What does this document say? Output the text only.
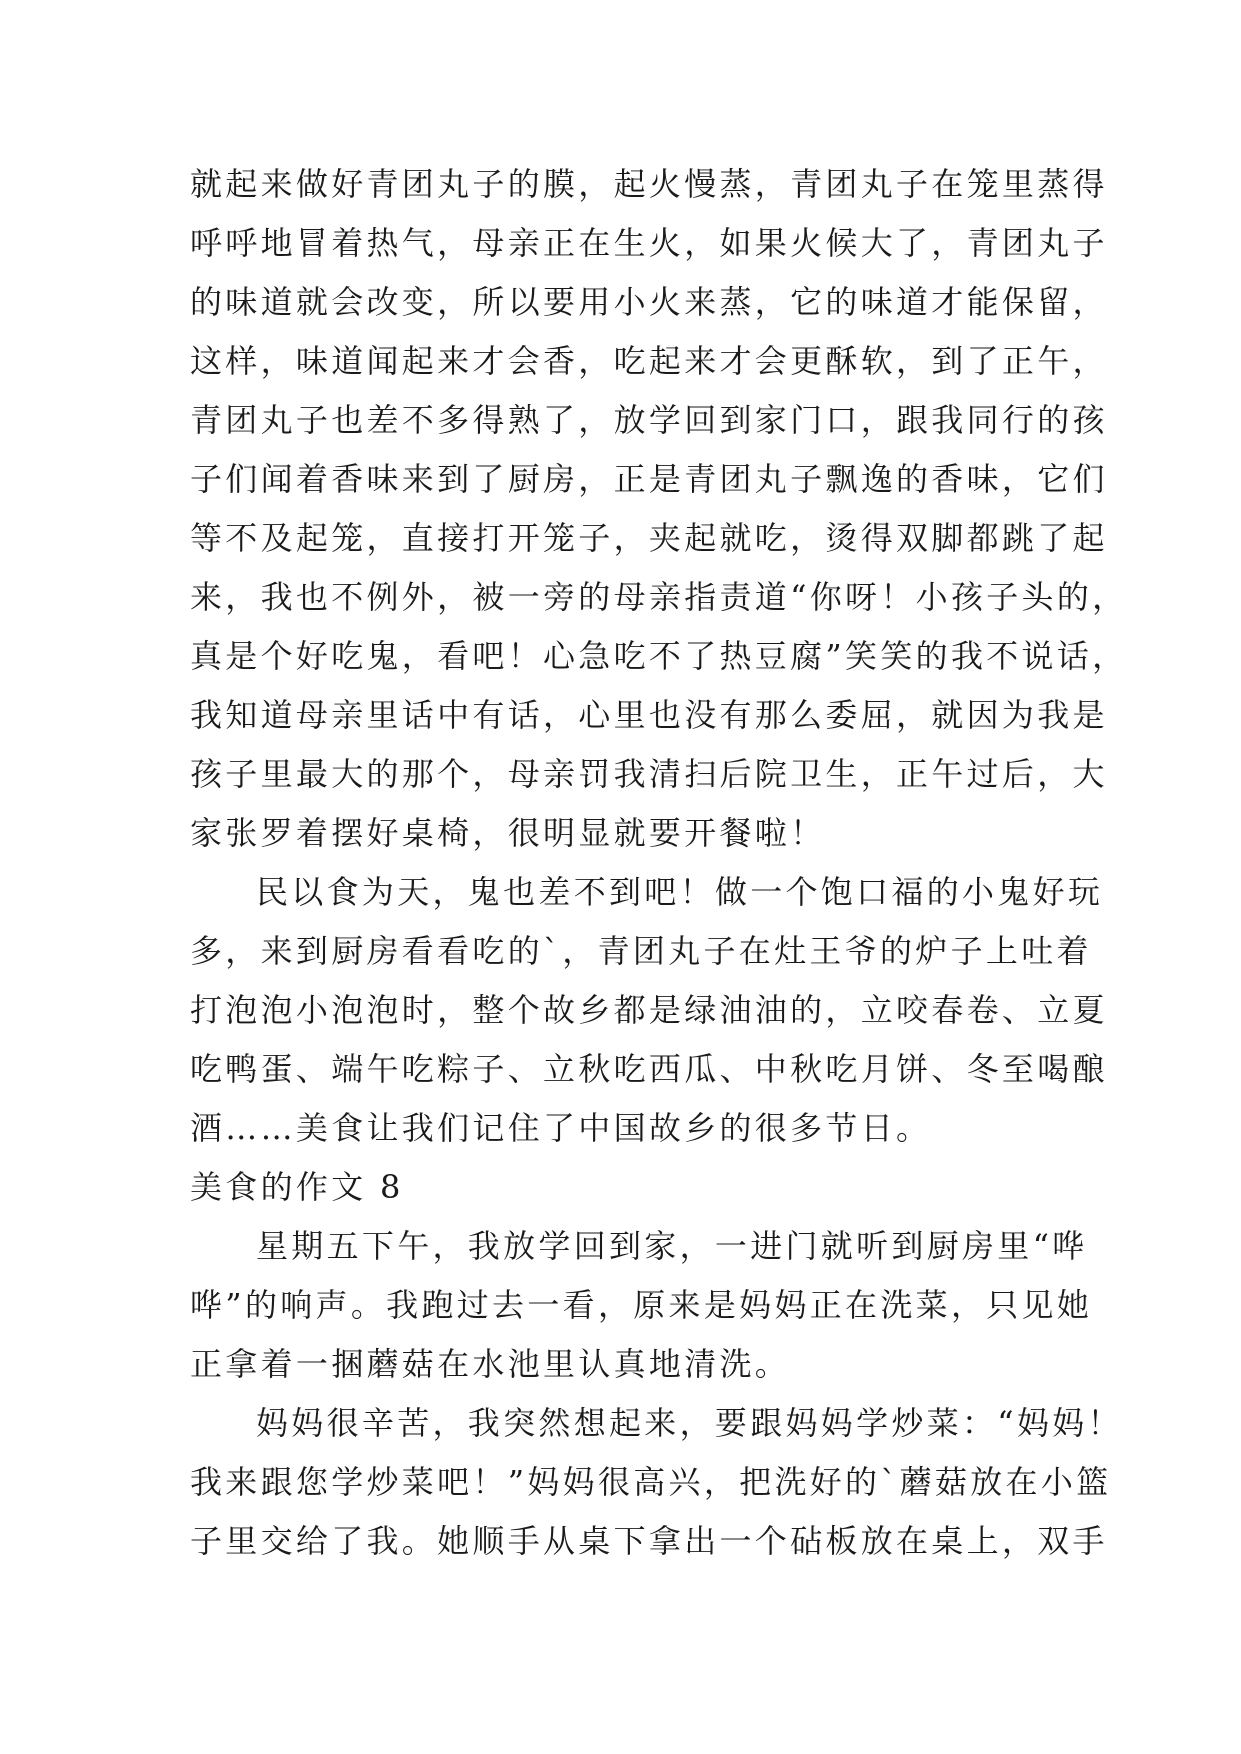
就起来做好青团丸子的膜，起火慢蒸，青团丸子在笼里蒸得
呼呼地冒着热气，母亲正在生火，如果火候大了，青团丸子
的味道就会改变，所以要用小火来蒸，它的味道才能保留，
这样，味道闻起来才会香，吃起来才会更酥软，到了正午，
青团丸子也差不多得熟了，放学回到家门口，跟我同行的孩
子们闻着香味来到了厨房，正是青团丸子飘逸的香味，它们
等不及起笼，直接打开笼子，夹起就吃，烫得双脚都跳了起
来，我也不例外，被一旁的母亲指责道“你呀！小孩子头的，
真是个好吃鬼，看吧！心急吃不了热豆腐”笑笑的我不说话，
我知道母亲里话中有话，心里也没有那么委屈，就因为我是
孩子里最大的那个，母亲罚我清扫后院卫生，正午过后，大
家张罗着摆好桌椅，很明显就要开餐啦！
民以食为天，鬼也差不到吧！做一个饱口福的小鬼好玩
多，来到厨房看看吃的`，青团丸子在灶王爷的炉子上吐着
打泡泡小泡泡时，整个故乡都是绿油油的，立咬春卷、立夏
吃鸭蛋、端午吃粽子、立秋吃西瓜、中秋吃月饼、冬至喝酿
酒……美食让我们记住了中国故乡的很多节日。
美食的作文 8
星期五下午，我放学回到家，一进门就听到厨房里“哗
哗”的响声。我跑过去一看，原来是妈妈正在洗菜，只见她
正拿着一捆蘑菇在水池里认真地清洗。
妈妈很辛苦，我突然想起来，要跟妈妈学炒菜：“妈妈！
我来跟您学炒菜吧！”妈妈很高兴，把洗好的`蘑菇放在小篮
子里交给了我。她顺手从桌下拿出一个砧板放在桌上，双手
